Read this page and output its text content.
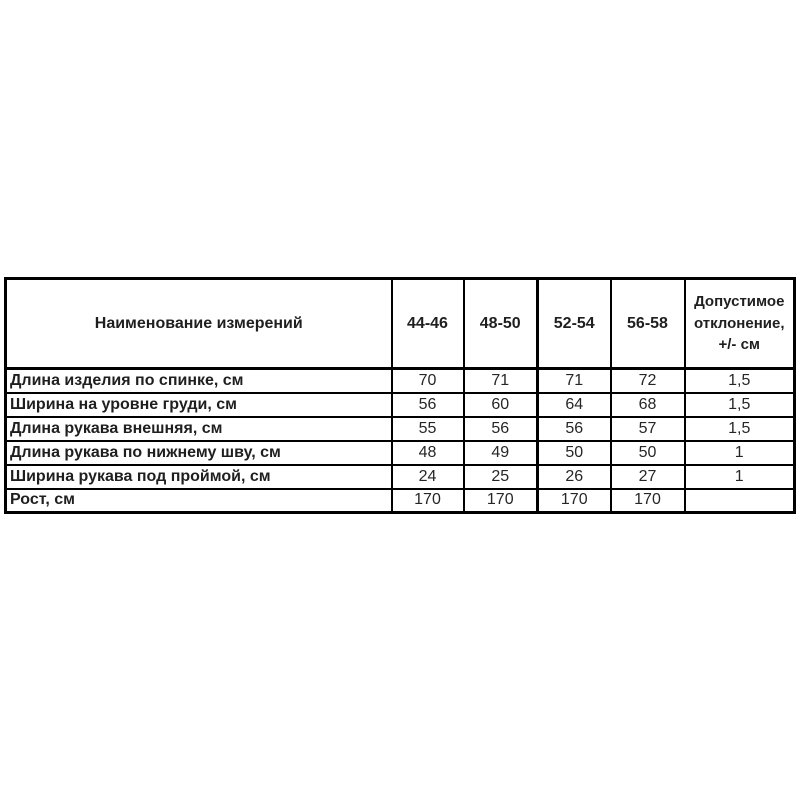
Наименование измерений	44-46	48-50	52-54	56-58	Допустимое отклонение, +/- см
Длина изделия по спинке, см	70	71	71	72	1,5
Ширина на уровне груди, см	56	60	64	68	1,5
Длина рукава внешняя, см	55	56	56	57	1,5
Длина рукава по нижнему шву, см	48	49	50	50	1
Ширина рукава под проймой, см	24	25	26	27	1
Рост, см	170	170	170	170	
